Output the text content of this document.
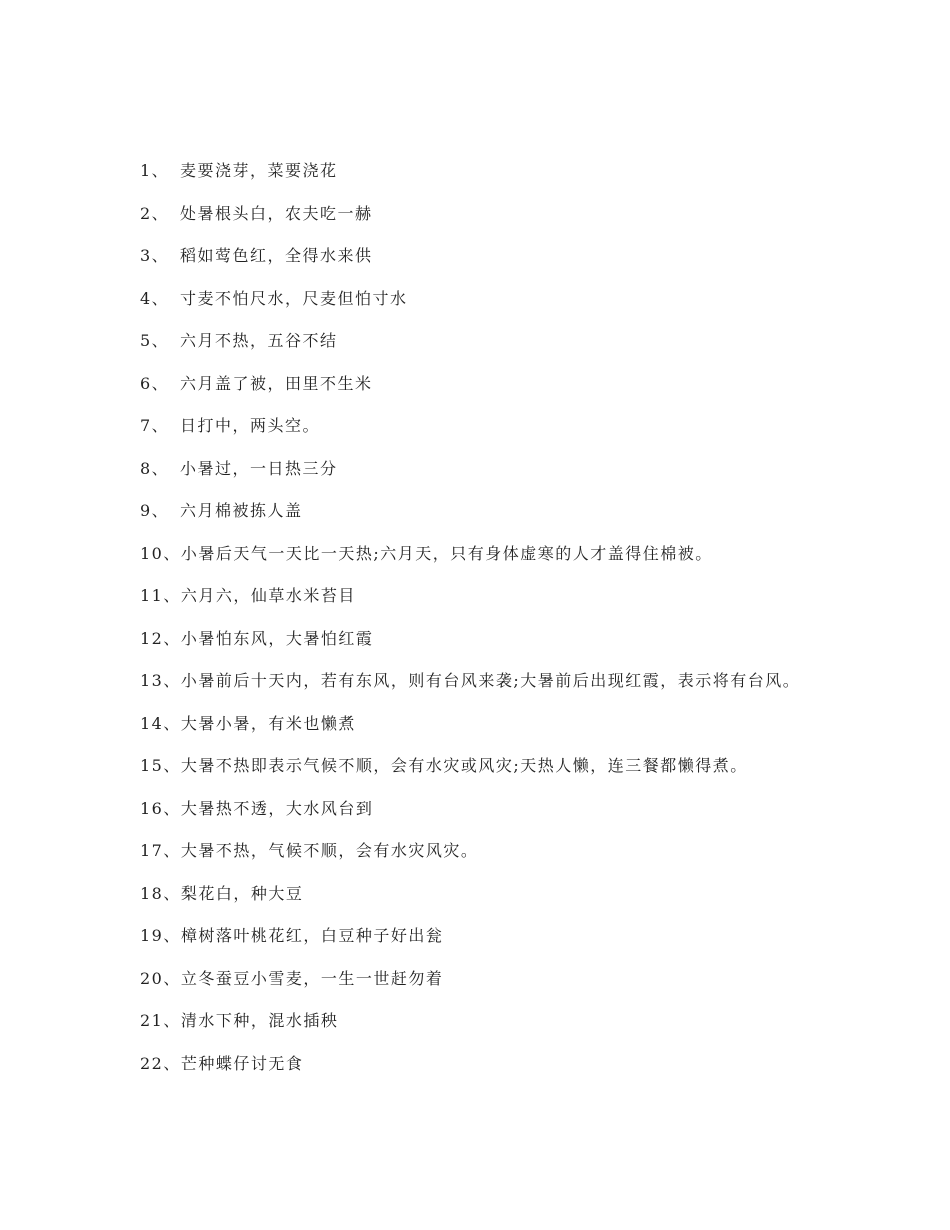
1、 麦要浇芽，菜要浇花
2、 处暑根头白，农夫吃一赫
3、 稻如莺色红，全得水来供
4、 寸麦不怕尺水，尺麦但怕寸水
5、 六月不热，五谷不结
6、 六月盖了被，田里不生米
7、 日打中，两头空。
8、 小暑过，一日热三分
9、 六月棉被拣人盖
10、小暑后天气一天比一天热;六月天，只有身体虚寒的人才盖得住棉被。
11、六月六，仙草水米苔目
12、小暑怕东风，大暑怕红霞
13、小暑前后十天内，若有东风，则有台风来袭;大暑前后出现红霞，表示将有台风。
14、大暑小暑，有米也懒煮
15、大暑不热即表示气候不顺，会有水灾或风灾;天热人懒，连三餐都懒得煮。
16、大暑热不透，大水风台到
17、大暑不热，气候不顺，会有水灾风灾。
18、梨花白，种大豆
19、樟树落叶桃花红，白豆种子好出瓮
20、立冬蚕豆小雪麦，一生一世赶勿着
21、清水下种，混水插秧
22、芒种蝶仔讨无食
